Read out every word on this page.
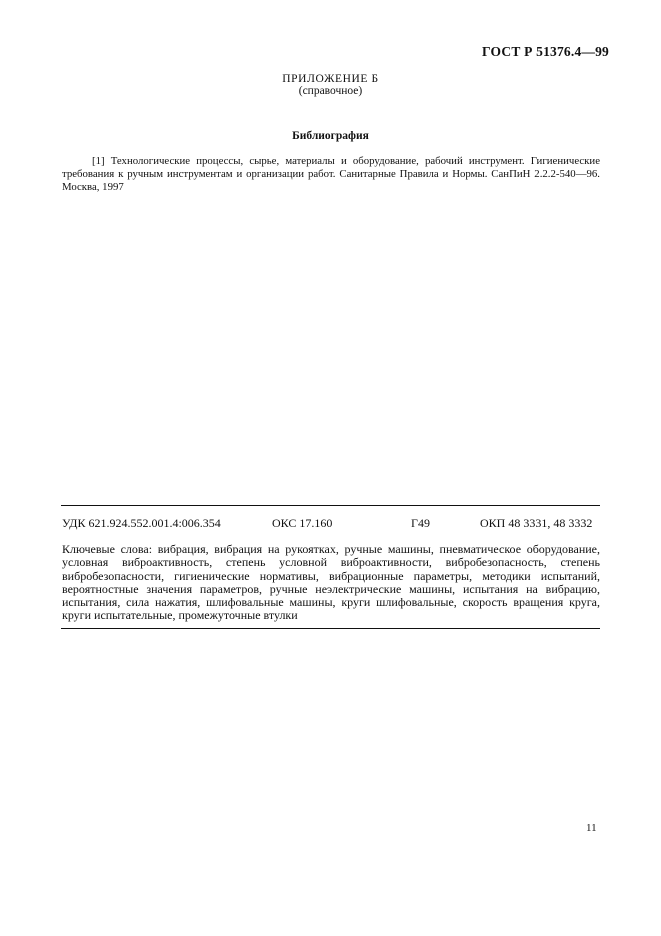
ГОСТ Р 51376.4—99
ПРИЛОЖЕНИЕ Б
(справочное)
Библиография
[1] Технологические процессы, сырье, материалы и оборудование, рабочий инструмент. Гигиенические требования к ручным инструментам и организации работ. Санитарные Правила и Нормы. СанПиН 2.2.2-540—96. Москва, 1997
УДК 621.924.552.001.4:006.354	ОКС 17.160	Г49	ОКП 48 3331, 48 3332
Ключевые слова: вибрация, вибрация на рукоятках, ручные машины, пневматическое оборудование, условная виброактивность, степень условной виброактивности, вибробезопасность, степень вибробезопасности, гигиенические нормативы, вибрационные параметры, методики испытаний, вероятностные значения параметров, ручные неэлектрические машины, испытания на вибрацию, испытания, сила нажатия, шлифовальные машины, круги шлифовальные, скорость вращения круга, круги испытательные, промежуточные втулки
11
